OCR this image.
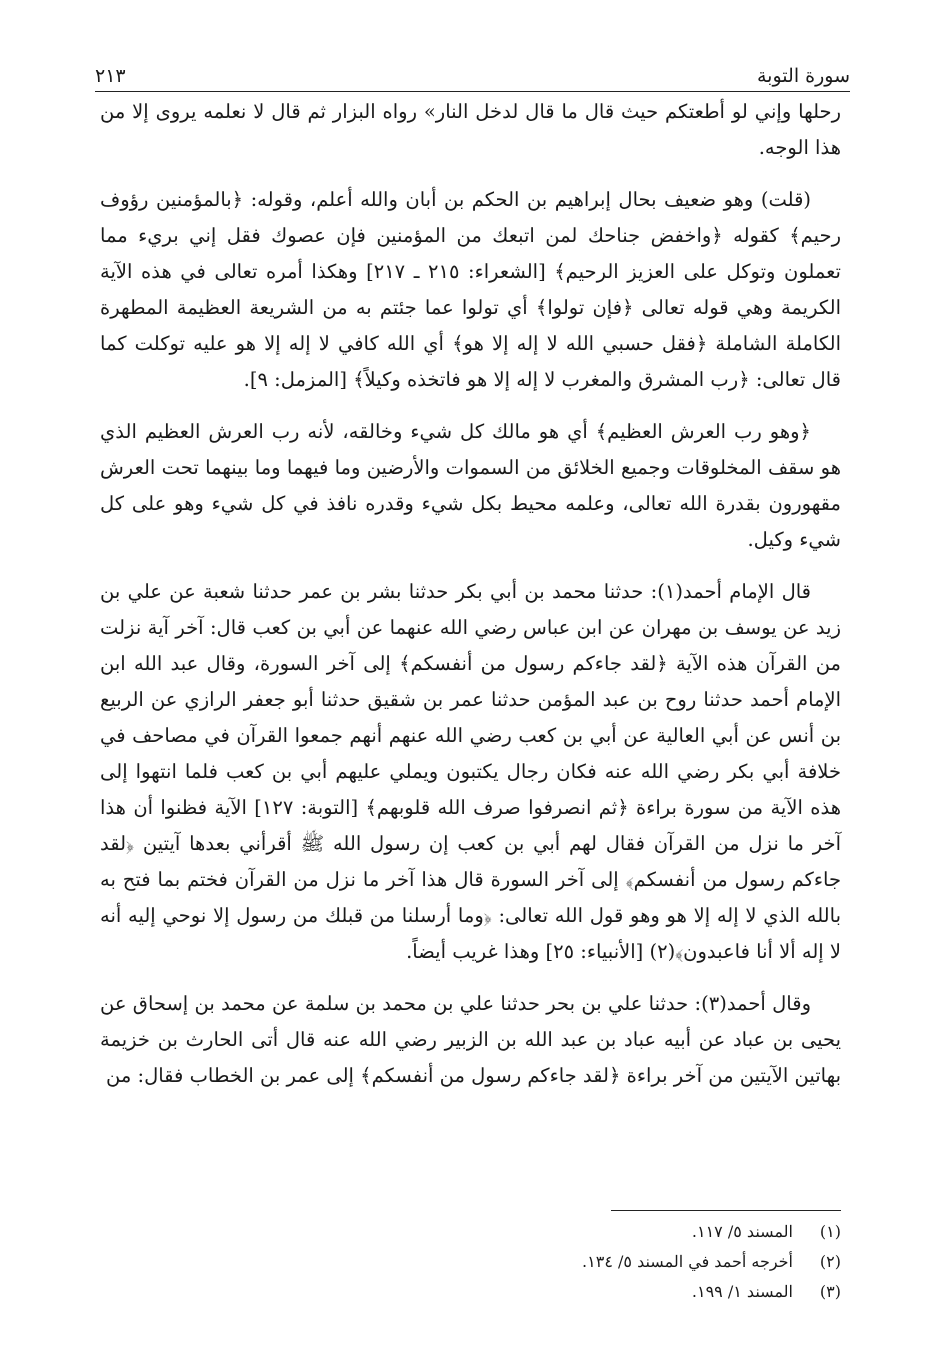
سورة التوبة
٢١٣

رحلها وإني لو أطعتكم حيث قال ما قال لدخل النار» رواه البزار ثم قال لا نعلمه يروى إلا من هذا الوجه.

(قلت) وهو ضعيف بحال إبراهيم بن الحكم بن أبان والله أعلم، وقوله: ﴿بالمؤمنين رؤوف رحيم﴾ كقوله ﴿واخفض جناحك لمن اتبعك من المؤمنين فإن عصوك فقل إني بريء مما تعملون وتوكل على العزيز الرحيم﴾ [الشعراء: ٢١٥ ـ ٢١٧] وهكذا أمره تعالى في هذه الآية الكريمة وهي قوله تعالى ﴿فإن تولوا﴾ أي تولوا عما جئتم به من الشريعة العظيمة المطهرة الكاملة الشاملة ﴿فقل حسبي الله لا إله إلا هو﴾ أي الله كافي لا إله إلا هو عليه توكلت كما قال تعالى: ﴿رب المشرق والمغرب لا إله إلا هو فاتخذه وكيلاً﴾ [المزمل: ٩].

﴿وهو رب العرش العظيم﴾ أي هو مالك كل شيء وخالقه، لأنه رب العرش العظيم الذي هو سقف المخلوقات وجميع الخلائق من السموات والأرضين وما فيهما وما بينهما تحت العرش مقهورون بقدرة الله تعالى، وعلمه محيط بكل شيء وقدره نافذ في كل شيء وهو على كل شيء وكيل.

قال الإمام أحمد(١): حدثنا محمد بن أبي بكر حدثنا بشر بن عمر حدثنا شعبة عن علي بن زيد عن يوسف بن مهران عن ابن عباس رضي الله عنهما عن أبي بن كعب قال: آخر آية نزلت من القرآن هذه الآية ﴿لقد جاءكم رسول من أنفسكم﴾ إلى آخر السورة، وقال عبد الله ابن الإمام أحمد حدثنا روح بن عبد المؤمن حدثنا عمر بن شقيق حدثنا أبو جعفر الرازي عن الربيع بن أنس عن أبي العالية عن أبي بن كعب رضي الله عنهم أنهم جمعوا القرآن في مصاحف في خلافة أبي بكر رضي الله عنه فكان رجال يكتبون ويملي عليهم أبي بن كعب فلما انتهوا إلى هذه الآية من سورة براءة ﴿ثم انصرفوا صرف الله قلوبهم﴾ [التوبة: ١٢٧] الآية فظنوا أن هذا آخر ما نزل من القرآن فقال لهم أبي بن كعب إن رسول الله ﷺ أقرأني بعدها آيتين ﴿لقد جاءكم رسول من أنفسكم﴾ إلى آخر السورة قال هذا آخر ما نزل من القرآن فختم بما فتح به بالله الذي لا إله إلا هو وهو قول الله تعالى: ﴿وما أرسلنا من قبلك من رسول إلا نوحي إليه أنه لا إله ألا أنا فاعبدون﴾(٢) [الأنبياء: ٢٥] وهذا غريب أيضاً.

وقال أحمد(٣): حدثنا علي بن بحر حدثنا علي بن محمد بن سلمة عن محمد بن إسحاق عن يحيى بن عباد عن أبيه عباد بن عبد الله بن الزبير رضي الله عنه قال أتى الحارث بن خزيمة بهاتين الآيتين من آخر براءة ﴿لقد جاءكم رسول من أنفسكم﴾ إلى عمر بن الخطاب فقال: من

(١)
المسند ٥/ ١١٧.
(٢)
أخرجه أحمد في المسند ٥/ ١٣٤.
(٣)
المسند ١/ ١٩٩.
